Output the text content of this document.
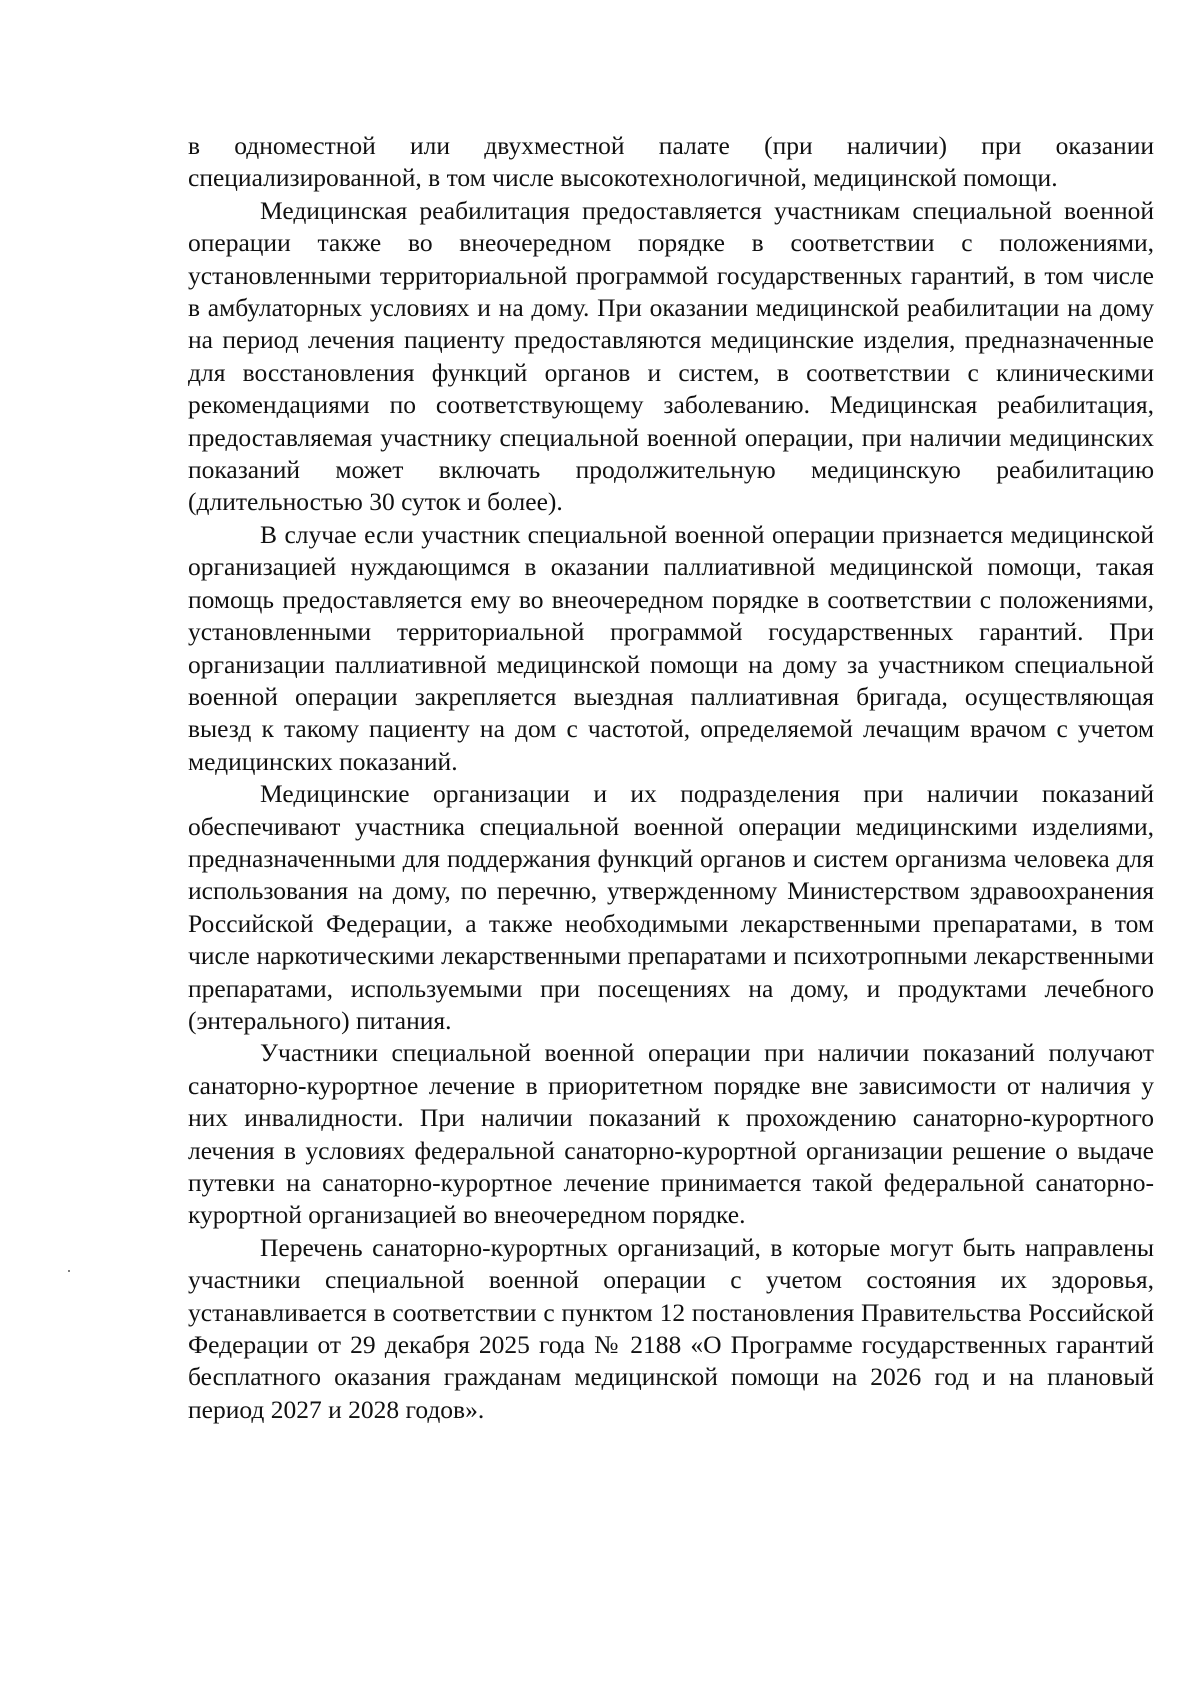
в одноместной или двухместной палате (при наличии) при оказании специализированной, в том числе высокотехнологичной, медицинской помощи.

Медицинская реабилитация предоставляется участникам специальной военной операции также во внеочередном порядке в соответствии с положениями, установленными территориальной программой государственных гарантий, в том числе в амбулаторных условиях и на дому. При оказании медицинской реабилитации на дому на период лечения пациенту предоставляются медицинские изделия, предназначенные для восстановления функций органов и систем, в соответствии с клиническими рекомендациями по соответствующему заболеванию. Медицинская реабилитация, предоставляемая участнику специальной военной операции, при наличии медицинских показаний может включать продолжительную медицинскую реабилитацию (длительностью 30 суток и более).

В случае если участник специальной военной операции признается медицинской организацией нуждающимся в оказании паллиативной медицинской помощи, такая помощь предоставляется ему во внеочередном порядке в соответствии с положениями, установленными территориальной программой государственных гарантий. При организации паллиативной медицинской помощи на дому за участником специальной военной операции закрепляется выездная паллиативная бригада, осуществляющая выезд к такому пациенту на дом с частотой, определяемой лечащим врачом с учетом медицинских показаний.

Медицинские организации и их подразделения при наличии показаний обеспечивают участника специальной военной операции медицинскими изделиями, предназначенными для поддержания функций органов и систем организма человека для использования на дому, по перечню, утвержденному Министерством здравоохранения Российской Федерации, а также необходимыми лекарственными препаратами, в том числе наркотическими лекарственными препаратами и психотропными лекарственными препаратами, используемыми при посещениях на дому, и продуктами лечебного (энтерального) питания.

Участники специальной военной операции при наличии показаний получают санаторно-курортное лечение в приоритетном порядке вне зависимости от наличия у них инвалидности. При наличии показаний к прохождению санаторно-курортного лечения в условиях федеральной санаторно-курортной организации решение о выдаче путевки на санаторно-курортное лечение принимается такой федеральной санаторно-курортной организацией во внеочередном порядке.

Перечень санаторно-курортных организаций, в которые могут быть направлены участники специальной военной операции с учетом состояния их здоровья, устанавливается в соответствии с пунктом 12 постановления Правительства Российской Федерации от 29 декабря 2025 года № 2188 «О Программе государственных гарантий бесплатного оказания гражданам медицинской помощи на 2026 год и на плановый период 2027 и 2028 годов».
